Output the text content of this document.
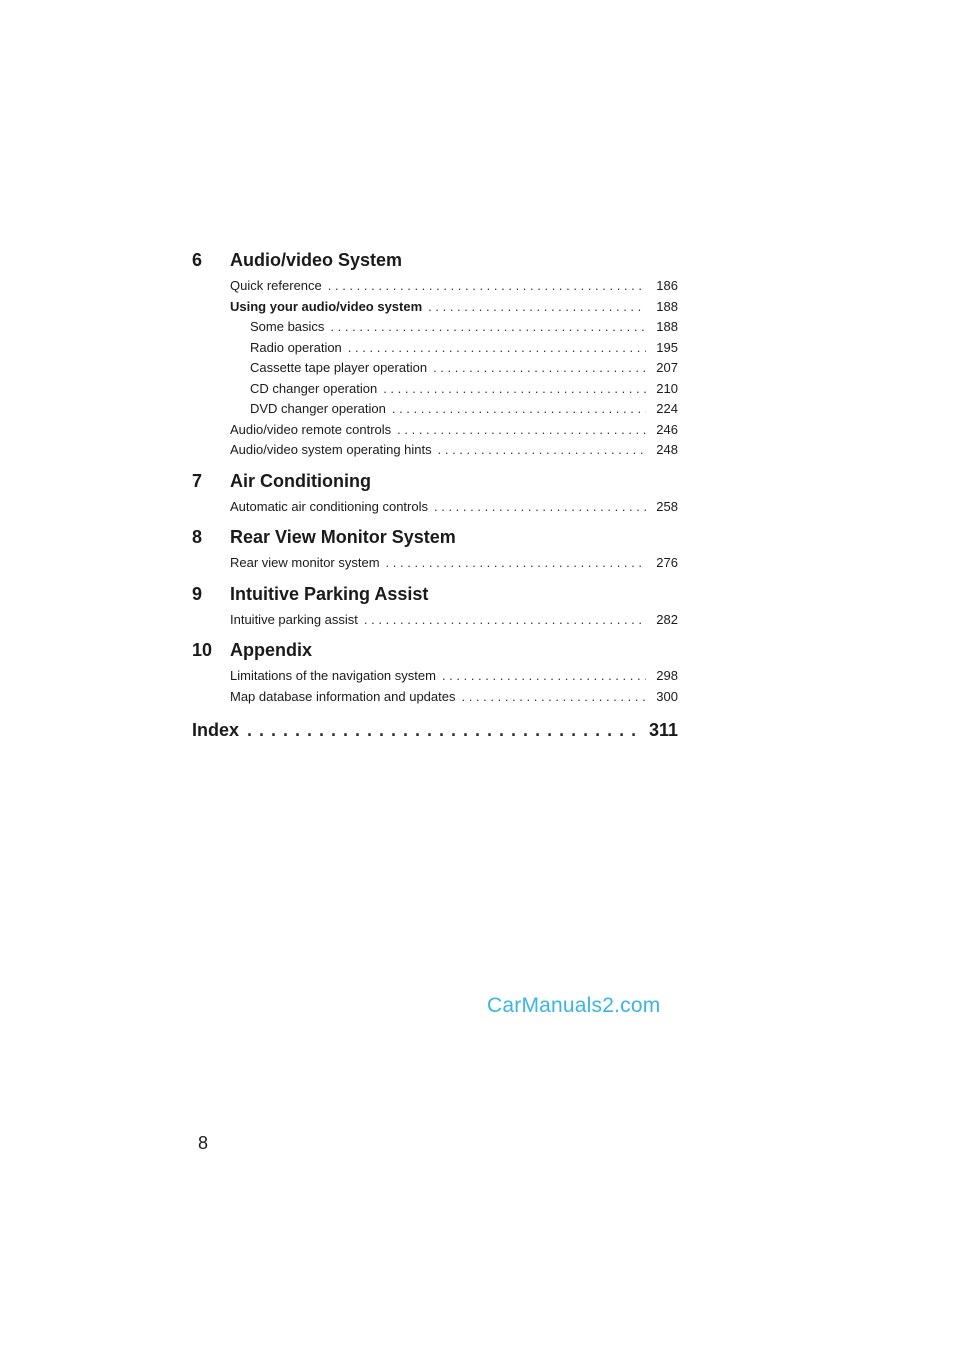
6	Audio/video System
Quick reference . . .	186
Using your audio/video system . . .	188
Some basics . . .	188
Radio operation . . .	195
Cassette tape player operation . . .	207
CD changer operation . . .	210
DVD changer operation . . .	224
Audio/video remote controls . . .	246
Audio/video system operating hints . . .	248
7	Air Conditioning
Automatic air conditioning controls . . .	258
8	Rear View Monitor System
Rear view monitor system . . .	276
9	Intuitive Parking Assist
Intuitive parking assist . . .	282
10 Appendix
Limitations of the navigation system . . .	298
Map database information and updates . . .	300
Index . . .	311
CarManuals2.com
8
